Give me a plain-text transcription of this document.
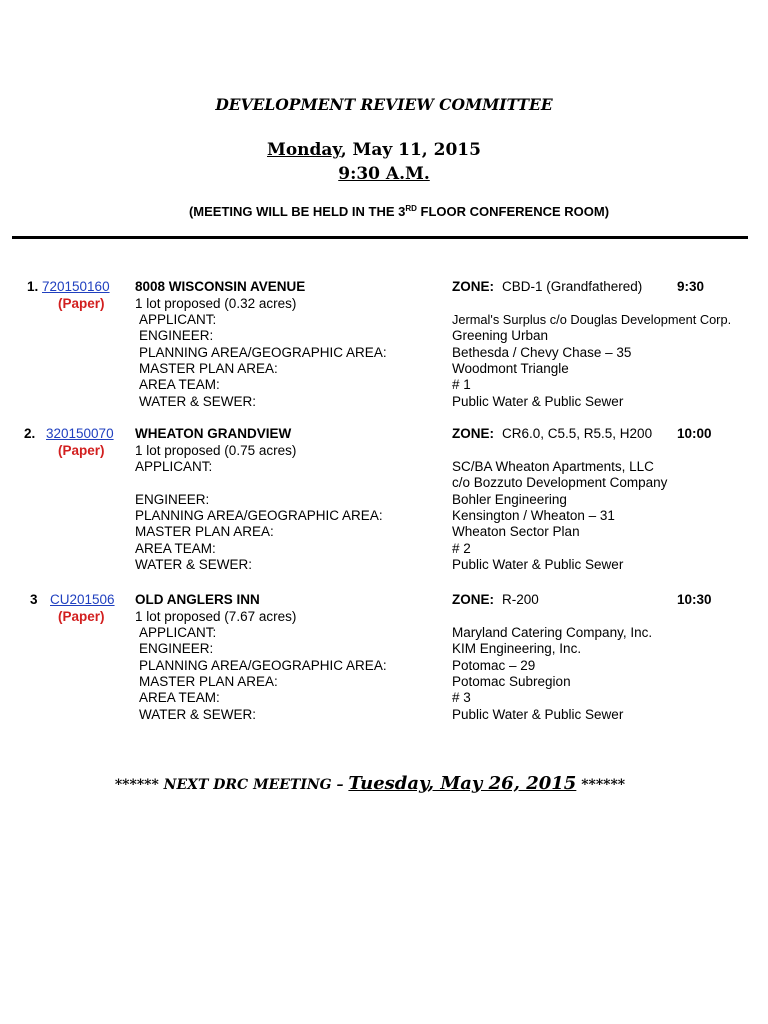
DEVELOPMENT REVIEW COMMITTEE
Monday, May 11, 2015
9:30 A.M.
(MEETING WILL BE HELD IN THE 3RD FLOOR CONFERENCE ROOM)
1. 720150160
(Paper)
8008 WISCONSIN AVENUE
1 lot proposed (0.32 acres)
ZONE: CBD-1 (Grandfathered)	9:30
APPLICANT:
ENGINEER:
PLANNING AREA/GEOGRAPHIC AREA:
MASTER PLAN AREA:
AREA TEAM:
WATER & SEWER:
Jermal's Surplus c/o Douglas Development Corp.
Greening Urban
Bethesda / Chevy Chase – 35
Woodmont Triangle
# 1
Public Water & Public Sewer
2. 320150070
(Paper)
WHEATON GRANDVIEW
1 lot proposed (0.75 acres)
ZONE: CR6.0, C5.5, R5.5, H200 10:00
APPLICANT:
ENGINEER:
PLANNING AREA/GEOGRAPHIC AREA:
MASTER PLAN AREA:
AREA TEAM:
WATER & SEWER:
SC/BA Wheaton Apartments, LLC
c/o Bozzuto Development Company
Bohler Engineering
Kensington / Wheaton – 31
Wheaton Sector Plan
# 2
Public Water & Public Sewer
3 CU201506
(Paper)
OLD ANGLERS INN
1 lot proposed (7.67 acres)
ZONE: R-200	10:30
APPLICANT:
ENGINEER:
PLANNING AREA/GEOGRAPHIC AREA:
MASTER PLAN AREA:
AREA TEAM:
WATER & SEWER:
Maryland Catering Company, Inc.
KIM Engineering, Inc.
Potomac – 29
Potomac Subregion
# 3
Public Water & Public Sewer
****** NEXT DRC MEETING – Tuesday, May 26, 2015 ******
